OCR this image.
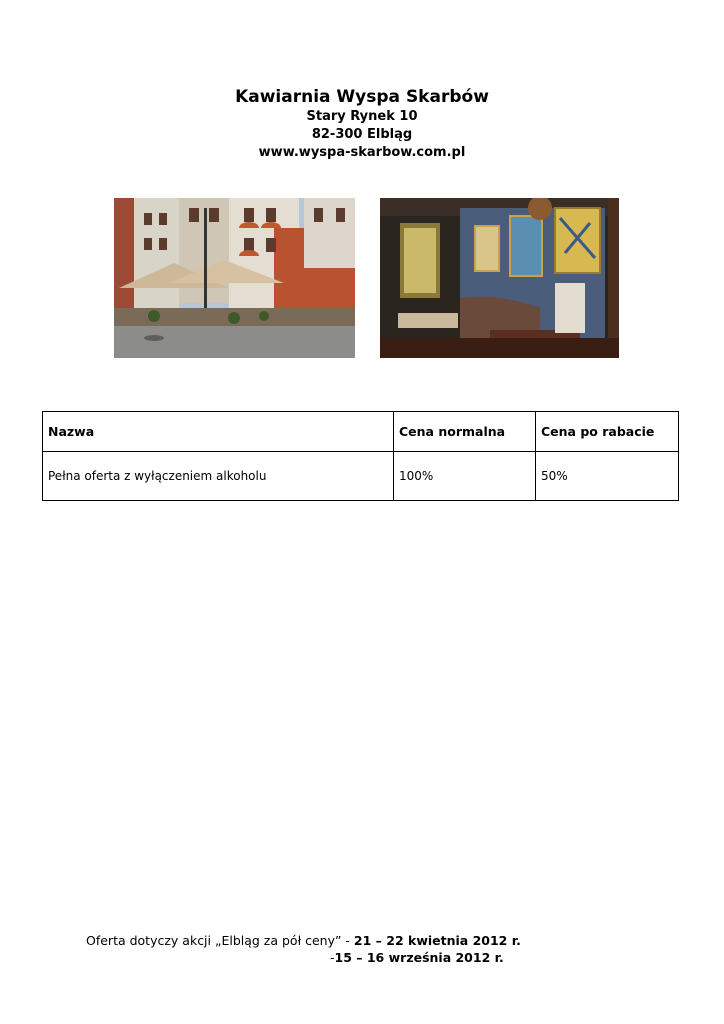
Kawiarnia Wyspa Skarbów
Stary Rynek 10
82-300 Elbląg
www.wyspa-skarbow.com.pl
Nazwa	Cena normalna	Cena po rabacie
Pełna oferta z wyłączeniem alkoholu	100%	50%
Oferta dotyczy akcji „Elbląg za pół ceny” - 21 – 22 kwietnia 2012 r.
-15 – 16 września 2012 r.
